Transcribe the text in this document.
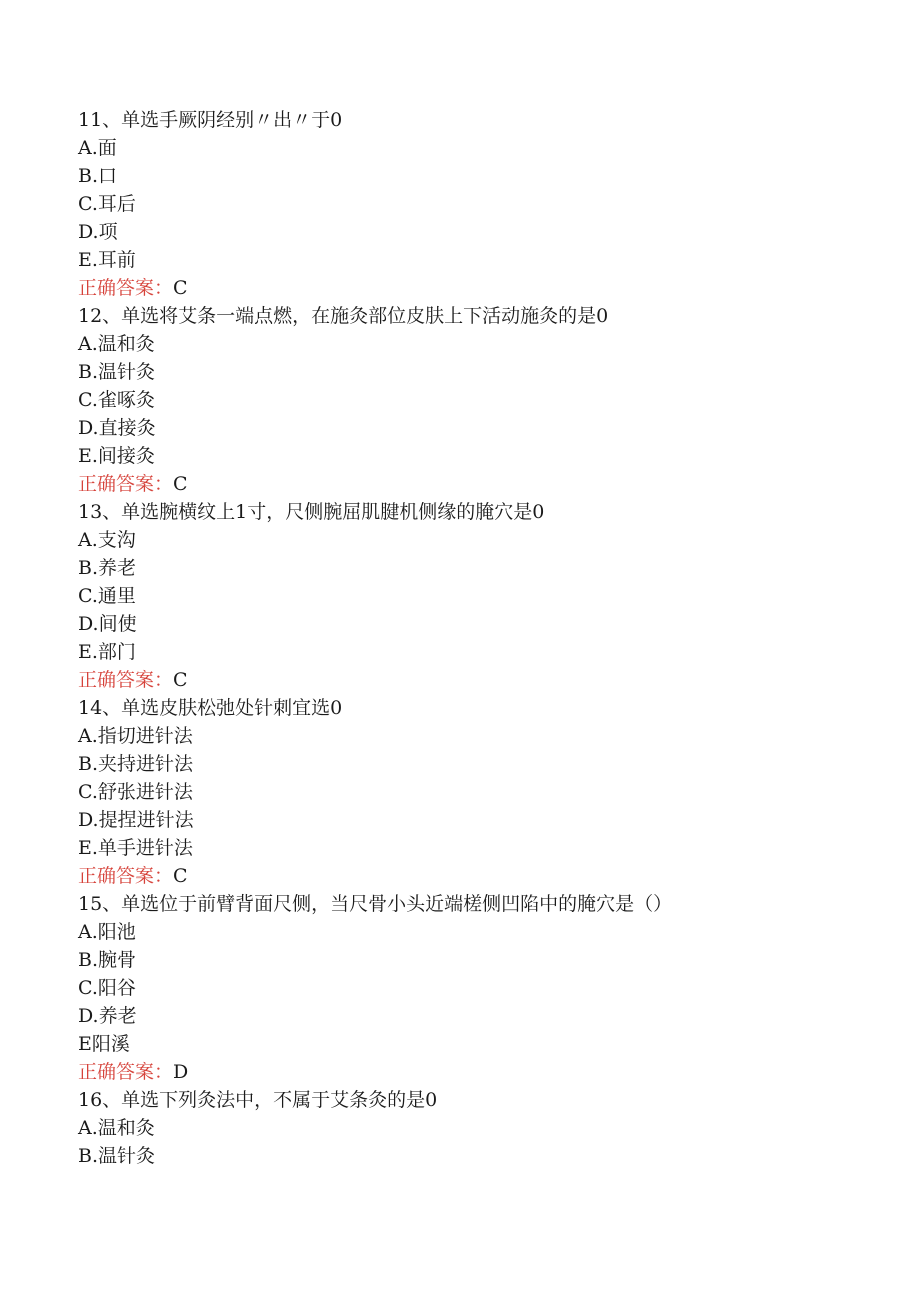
11、单选手厥阴经别〃出〃于0
A.面
B.口
C.耳后
D.项
E.耳前
正确答案：C
12、单选将艾条一端点燃，在施灸部位皮肤上下活动施灸的是0
A.温和灸
B.温针灸
C.雀啄灸
D.直接灸
E.间接灸
正确答案：C
13、单选腕横纹上1寸，尺侧腕屈肌腱机侧缘的腌穴是0
A.支沟
B.养老
C.通里
D.间使
E.部门
正确答案：C
14、单选皮肤松弛处针刺宜选0
A.指切进针法
B.夹持进针法
C.舒张进针法
D.提捏进针法
E.单手进针法
正确答案：C
15、单选位于前臂背面尺侧，当尺骨小头近端槎侧凹陷中的腌穴是（）
A.阳池
B.腕骨
C.阳谷
D.养老
E阳溪
正确答案：D
16、单选下列灸法中，不属于艾条灸的是0
A.温和灸
B.温针灸
